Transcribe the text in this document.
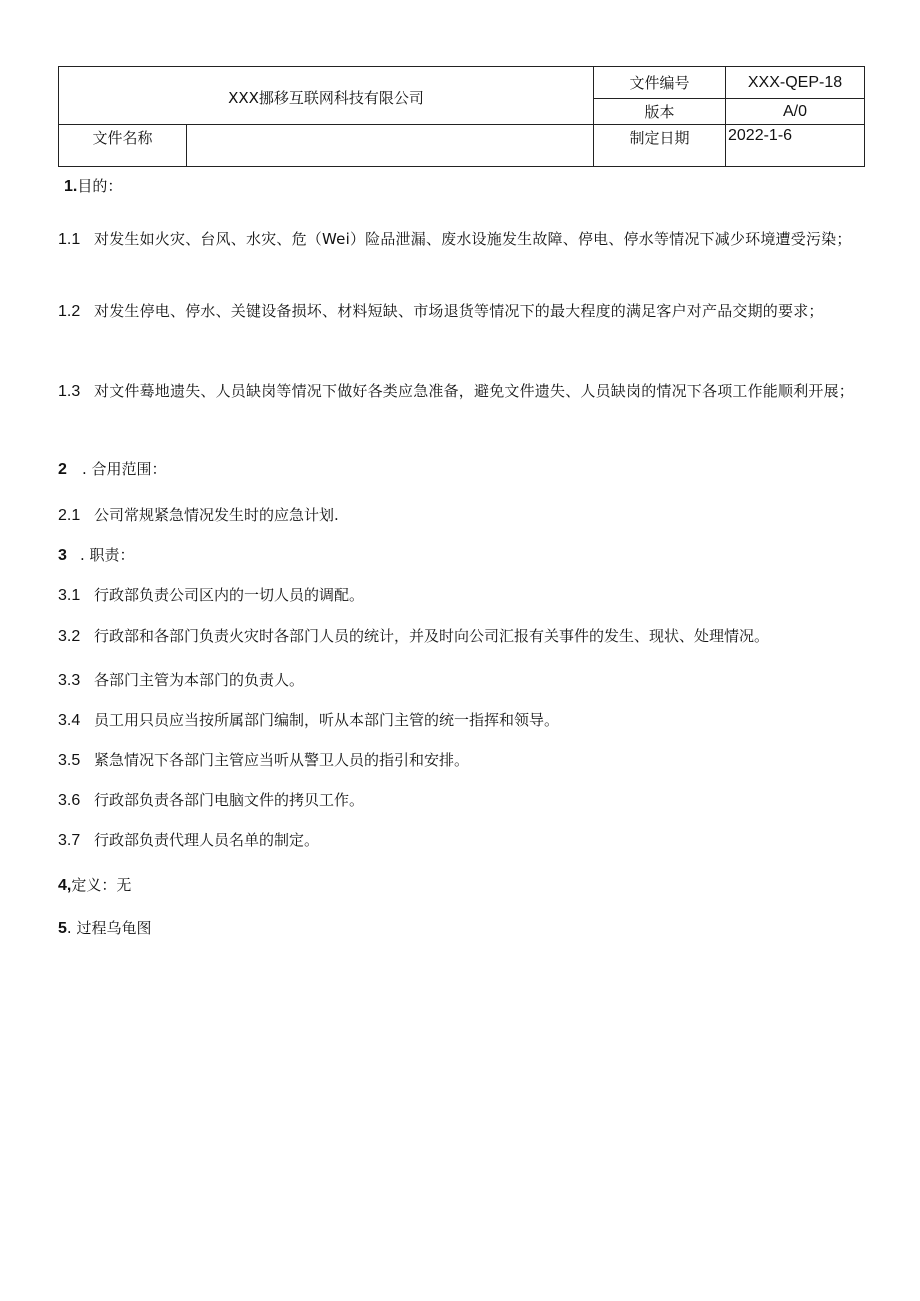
XXX挪移互联网科技有限公司		文件编号	XXX-QEP-18
		版本	A/0
文件名称		制定日期	2022-1-6
1.目的：
1.1 对发生如火灾、台风、水灾、危（Wei）险品泄漏、废水设施发生故障、停电、停水等情况下减少环境遭受污染；
1.2 对发生停电、停水、关键设备损坏、材料短缺、市场退货等情况下的最大程度的满足客户对产品交期的要求；
1.3 对文件蓦地遗失、人员缺岗等情况下做好各类应急准备，避免文件遗失、人员缺岗的情况下各项工作能顺利开展；
2 . 合用范围：
2.1 公司常规紧急情况发生时的应急计划.
3 . 职责：
3.1 行政部负责公司区内的一切人员的调配。
3.2 行政部和各部门负责火灾时各部门人员的统计，并及时向公司汇报有关事件的发生、现状、处理情况。
3.3 各部门主管为本部门的负责人。
3.4 员工用只员应当按所属部门编制，听从本部门主管的统一指挥和领导。
3.5 紧急情况下各部门主管应当听从警卫人员的指引和安排。
3.6 行政部负责各部门电脑文件的拷贝工作。
3.7 行政部负责代理人员名单的制定。
4,定义：无
5. 过程乌龟图
